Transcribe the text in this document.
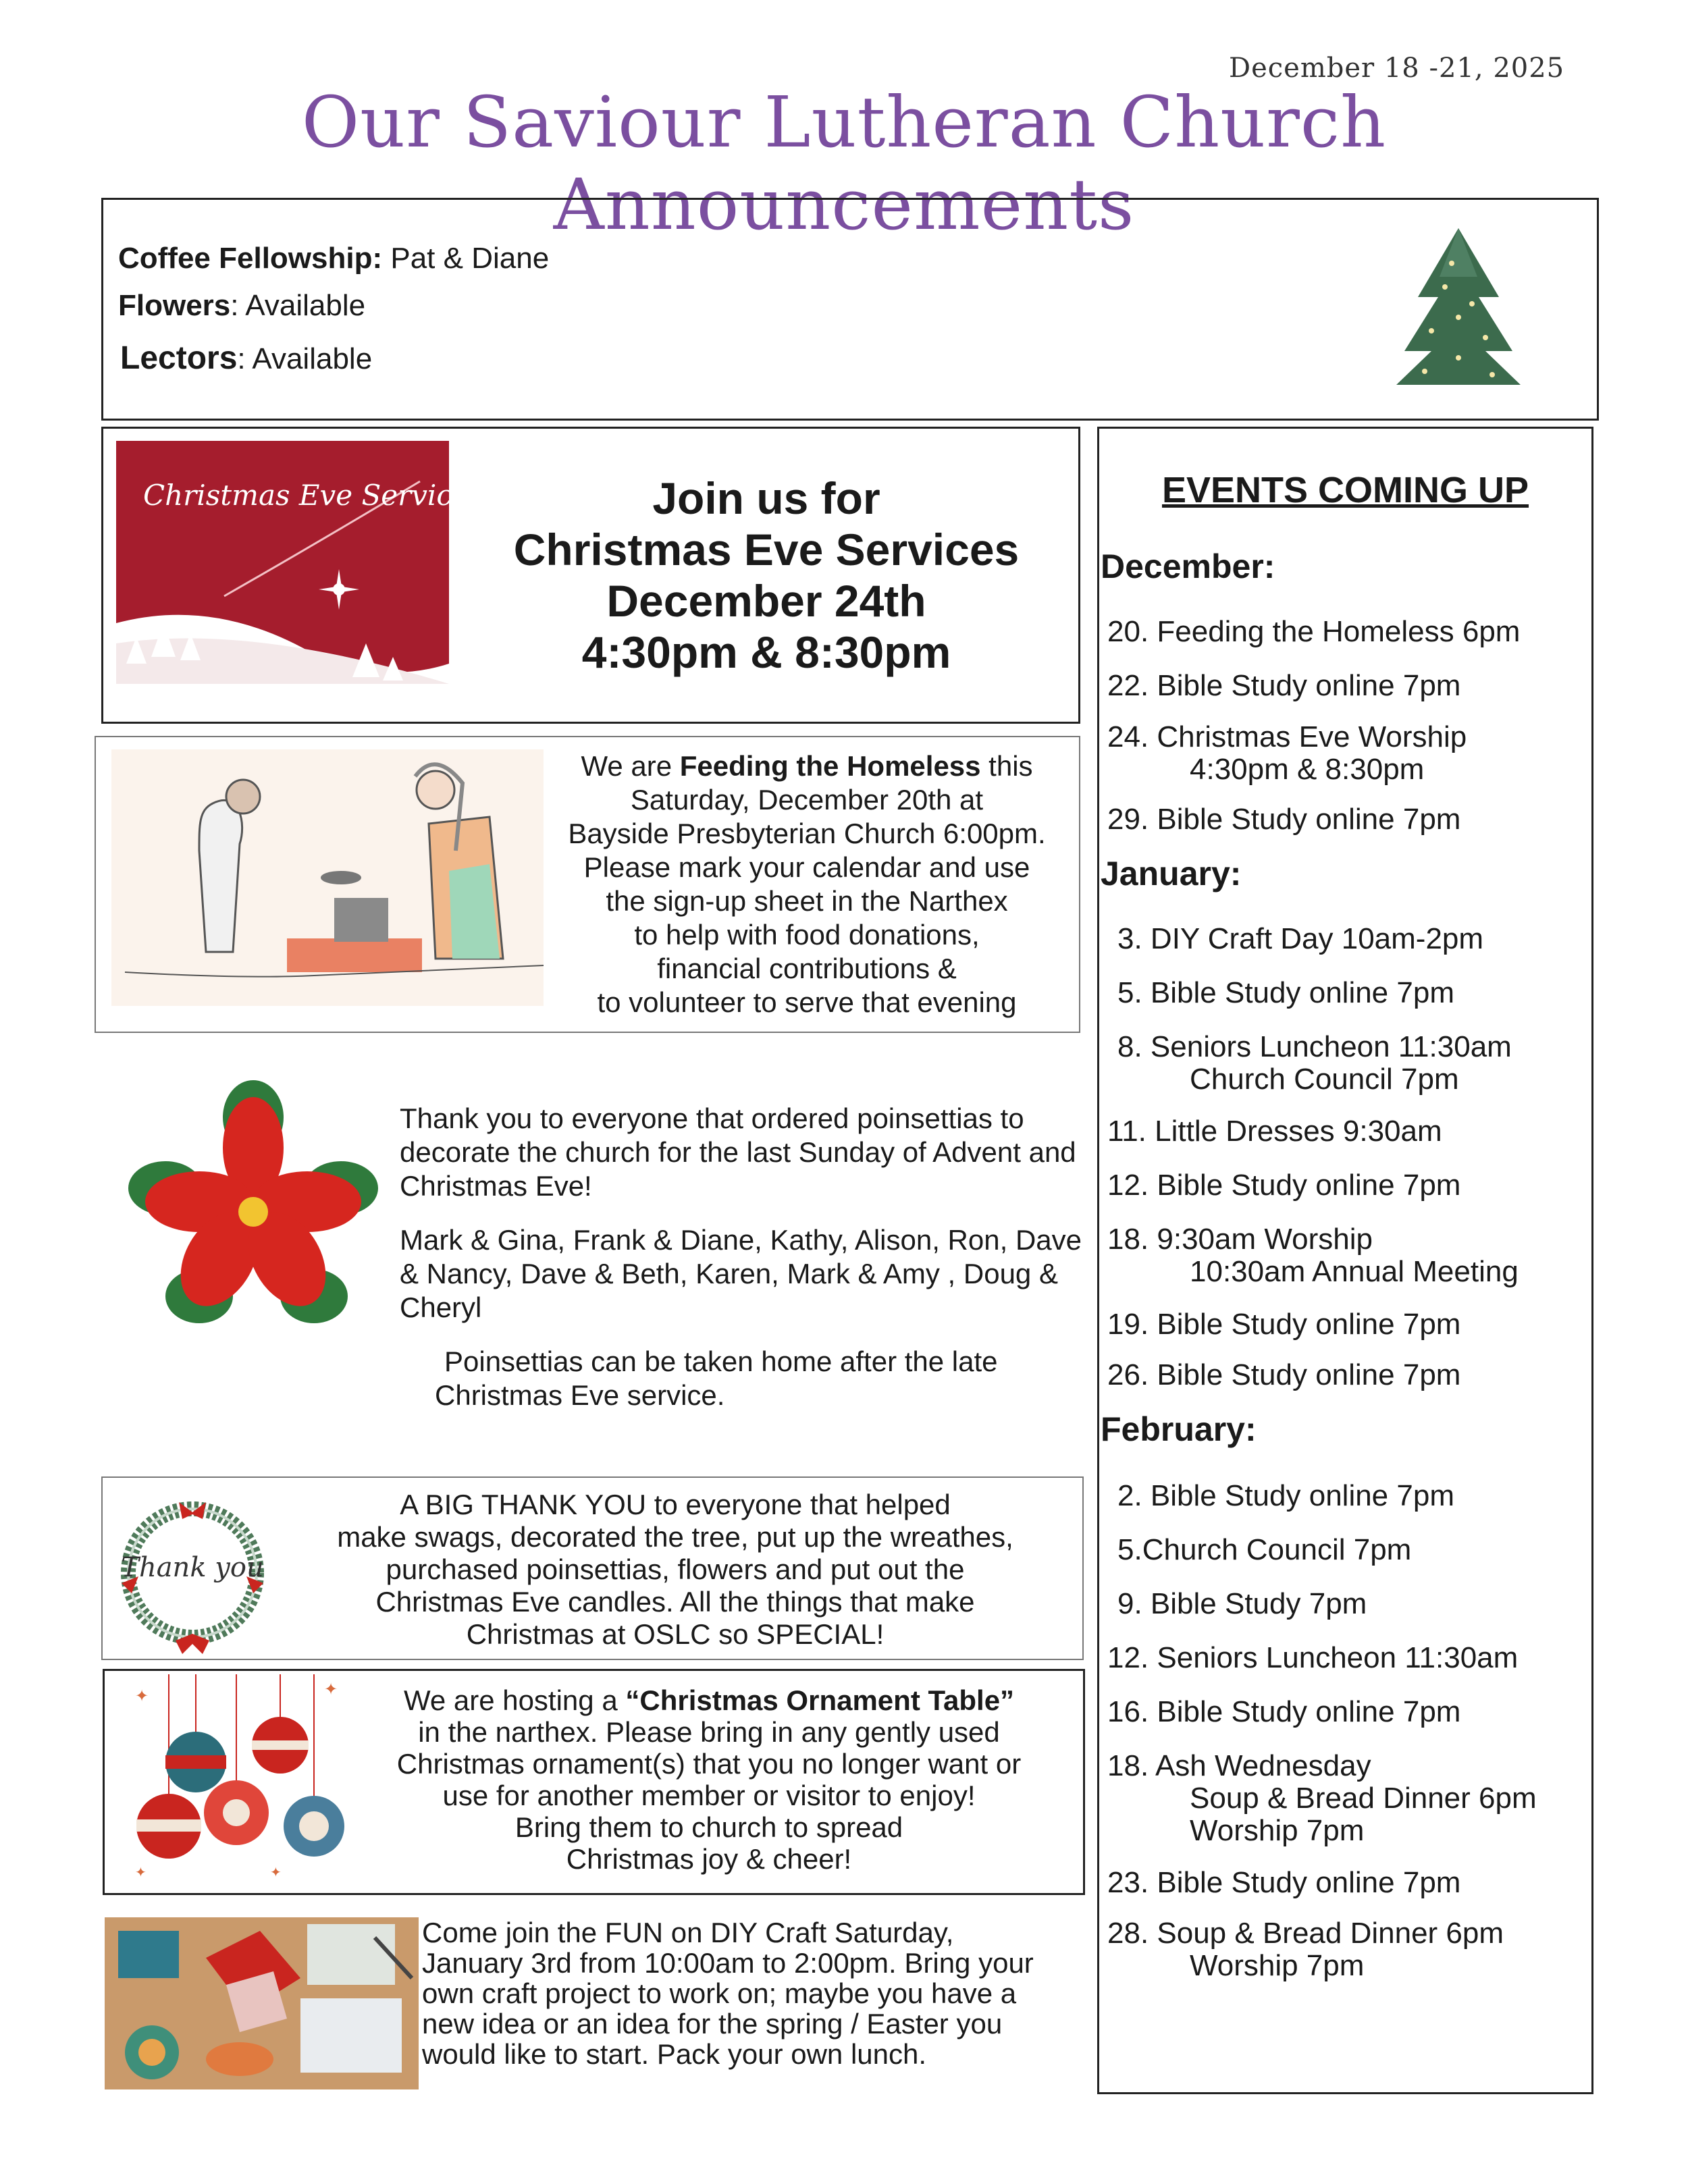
December 18 -21, 2025
Our Saviour Lutheran Church Announcements
Coffee Fellowship: Pat & Diane
Flowers: Available
Lectors: Available
Christmas Eve Services	Join us for
Christmas Eve Services
December 24th
4:30pm & 8:30pm
We are Feeding the Homeless this
Saturday, December 20th at
Bayside Presbyterian Church 6:00pm.
Please mark your calendar and use
the sign-up sheet in the Narthex
to help with food donations,
financial contributions &
to volunteer to serve that evening

Thank you to everyone that ordered poinsettias to decorate the church for the last Sunday of Advent and Christmas Eve!

Mark & Gina, Frank & Diane, Kathy, Alison, Ron, Dave & Nancy, Dave & Beth, Karen, Mark & Amy , Doug & Cheryl

Poinsettias can be taken home after the late

Christmas Eve service.

Thank you
A BIG THANK YOU to everyone that helped
make swags, decorated the tree, put up the wreathes,
purchased poinsettias, flowers and put out the
Christmas Eve candles. All the things that make
Christmas at OSLC so SPECIAL!
✦	✦
✦	✦
We are hosting a “Christmas Ornament Table”
in the narthex. Please bring in any gently used
Christmas ornament(s) that you no longer want or
use for another member or visitor to enjoy!
Bring them to church to spread
Christmas joy & cheer!
Come join the FUN on DIY Craft Saturday,
January 3rd from 10:00am to 2:00pm. Bring your
own craft project to work on; maybe you have a
new idea or an idea for the spring / Easter you
would like to start. Pack your own lunch.
EVENTS COMING UP
December:
20. Feeding the Homeless 6pm
22. Bible Study online 7pm
24. Christmas Eve Worship
4:30pm & 8:30pm
29. Bible Study online 7pm
January:
3. DIY Craft Day 10am-2pm
5. Bible Study online 7pm
8. Seniors Luncheon 11:30am
Church Council 7pm
11. Little Dresses 9:30am
12. Bible Study online 7pm
18. 9:30am Worship
10:30am Annual Meeting
19. Bible Study online 7pm
26. Bible Study online 7pm
February:
2. Bible Study online 7pm
5.Church Council 7pm
9. Bible Study 7pm
12. Seniors Luncheon 11:30am
16. Bible Study online 7pm
18. Ash Wednesday
Soup & Bread Dinner 6pm
Worship 7pm
23. Bible Study online 7pm
28. Soup & Bread Dinner 6pm
Worship 7pm
